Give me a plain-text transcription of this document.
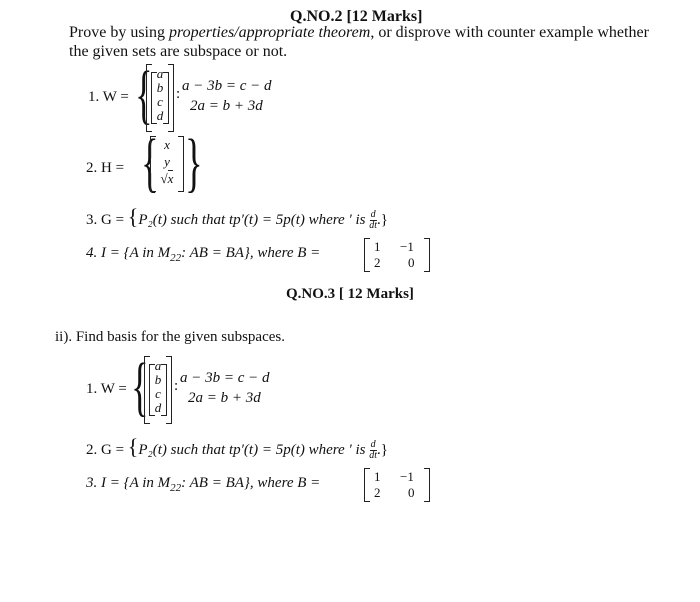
Q.NO.2 [12 Marks]
Prove by using properties/appropriate theorem, or disprove with counter example whether
the given sets are subspace or not.
1. W = { a
b
c
d
: a − 3b = c − d
2a = b + 3d
2. H = { x
y
√x }
3. G = {P₂(t) such that tp′(t) = 5p(t) where ′ is $\frac{d}{dt}$ .}
4. I = {A in $M_{22}$: AB = BA}, where B =	1 −1
2 0
Q.NO.3 [ 12 Marks]
ii). Find basis for the given subspaces.
1. W = { a
b
c
d
: a − 3b = c − d
2a = b + 3d
2. G = {P₂(t) such that tp′(t) = 5p(t) where ′ is $\frac{d}{dt}$ .}
3. I = {A in $M_{22}$: AB = BA}, where B =	1 −1
2 0
